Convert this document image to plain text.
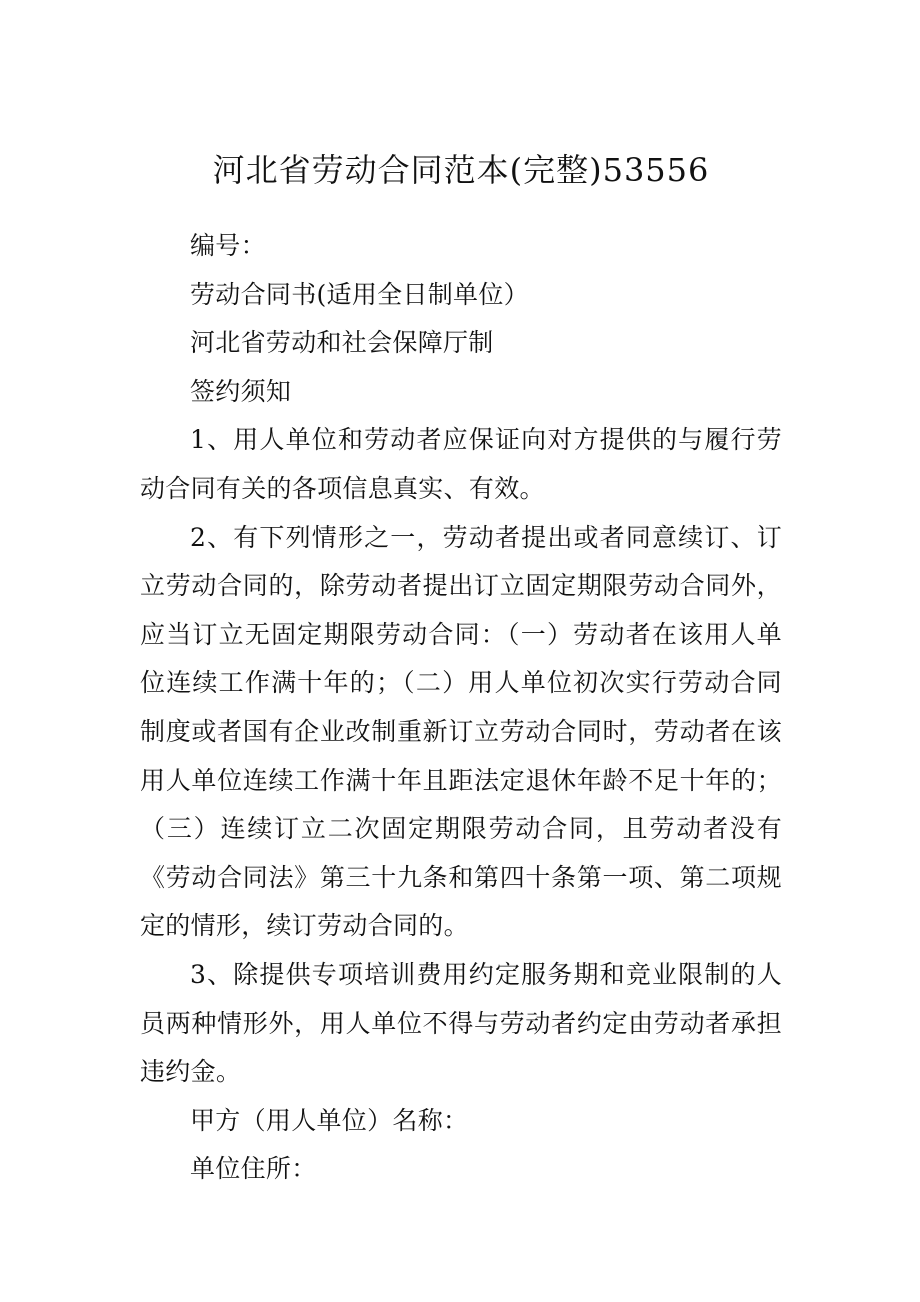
河北省劳动合同范本(完整)53556

编号：

劳动合同书(适用全日制单位）

河北省劳动和社会保障厅制

签约须知

1、用人单位和劳动者应保证向对方提供的与履行劳动合同有关的各项信息真实、有效。

2、有下列情形之一，劳动者提出或者同意续订、订立劳动合同的，除劳动者提出订立固定期限劳动合同外，应当订立无固定期限劳动合同：（一）劳动者在该用人单位连续工作满十年的；（二）用人单位初次实行劳动合同制度或者国有企业改制重新订立劳动合同时，劳动者在该用人单位连续工作满十年且距法定退休年龄不足十年的；（三）连续订立二次固定期限劳动合同，且劳动者没有《劳动合同法》第三十九条和第四十条第一项、第二项规定的情形，续订劳动合同的。

3、除提供专项培训费用约定服务期和竞业限制的人员两种情形外，用人单位不得与劳动者约定由劳动者承担违约金。

甲方（用人单位）名称：

单位住所：
